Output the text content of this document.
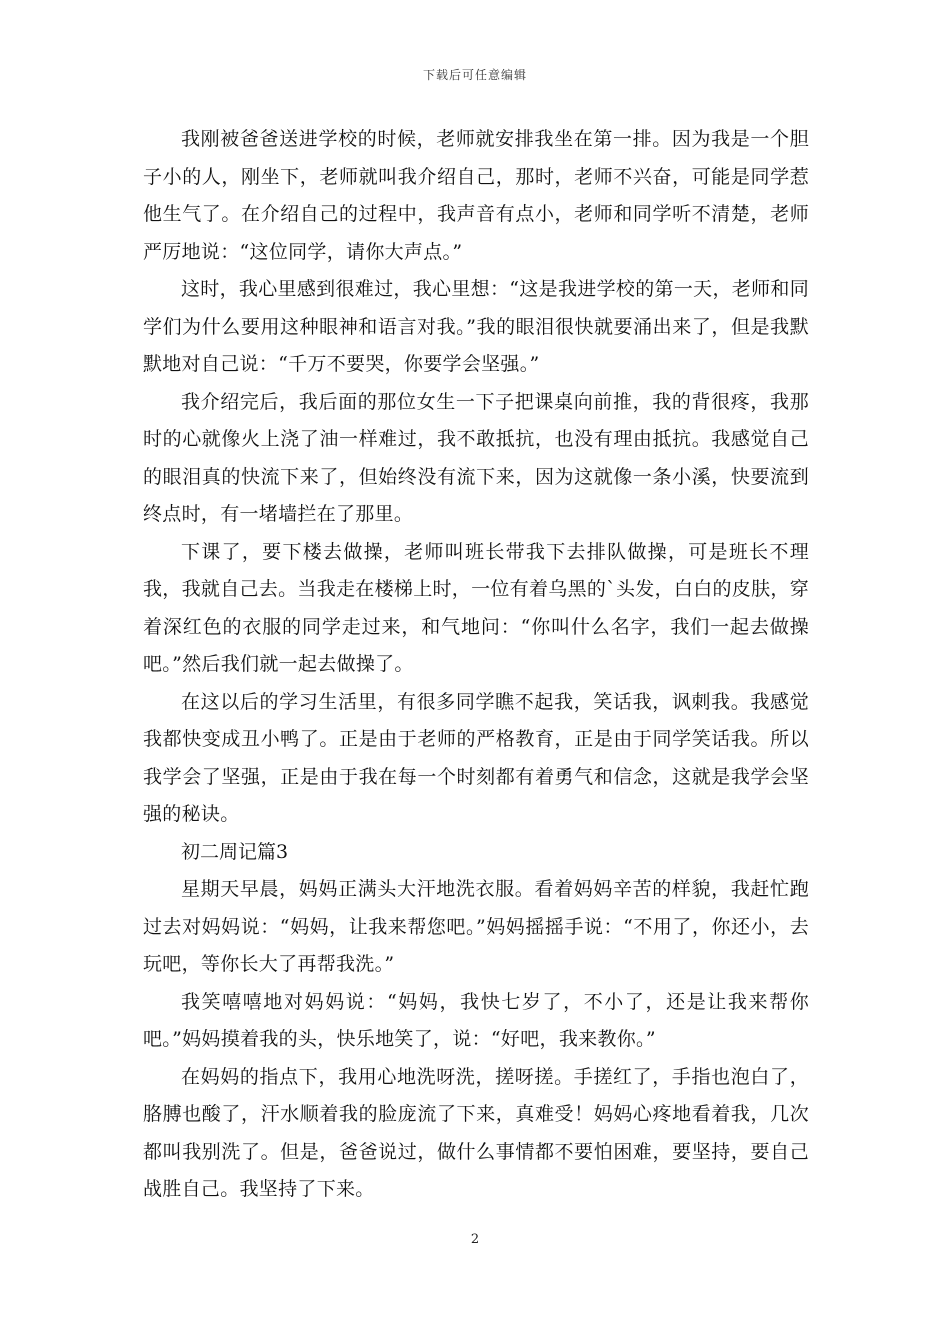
下载后可任意编辑

我刚被爸爸送进学校的时候，老师就安排我坐在第一排。因为我是一个胆子小的人，刚坐下，老师就叫我介绍自己，那时，老师不兴奋，可能是同学惹他生气了。在介绍自己的过程中，我声音有点小，老师和同学听不清楚，老师严厉地说：“这位同学，请你大声点。”

这时，我心里感到很难过，我心里想：“这是我进学校的第一天，老师和同学们为什么要用这种眼神和语言对我。”我的眼泪很快就要涌出来了，但是我默默地对自己说：“千万不要哭，你要学会坚强。”

我介绍完后，我后面的那位女生一下子把课桌向前推，我的背很疼，我那时的心就像火上浇了油一样难过，我不敢抵抗，也没有理由抵抗。我感觉自己的眼泪真的快流下来了，但始终没有流下来，因为这就像一条小溪，快要流到终点时，有一堵墙拦在了那里。

下课了，要下楼去做操，老师叫班长带我下去排队做操，可是班长不理我，我就自己去。当我走在楼梯上时，一位有着乌黑的`头发，白白的皮肤，穿着深红色的衣服的同学走过来，和气地问：“你叫什么名字，我们一起去做操吧。”然后我们就一起去做操了。

在这以后的学习生活里，有很多同学瞧不起我，笑话我，讽刺我。我感觉我都快变成丑小鸭了。正是由于老师的严格教育，正是由于同学笑话我。所以我学会了坚强，正是由于我在每一个时刻都有着勇气和信念，这就是我学会坚强的秘诀。

初二周记篇3

星期天早晨，妈妈正满头大汗地洗衣服。看着妈妈辛苦的样貌，我赶忙跑过去对妈妈说：“妈妈，让我来帮您吧。”妈妈摇摇手说：“不用了，你还小，去玩吧，等你长大了再帮我洗。”

我笑嘻嘻地对妈妈说：“妈妈，我快七岁了，不小了，还是让我来帮你吧。”妈妈摸着我的头，快乐地笑了，说：“好吧，我来教你。”

在妈妈的指点下，我用心地洗呀洗，搓呀搓。手搓红了，手指也泡白了，胳膊也酸了，汗水顺着我的脸庞流了下来，真难受！妈妈心疼地看着我，几次都叫我别洗了。但是，爸爸说过，做什么事情都不要怕困难，要坚持，要自己战胜自己。我坚持了下来。

2
